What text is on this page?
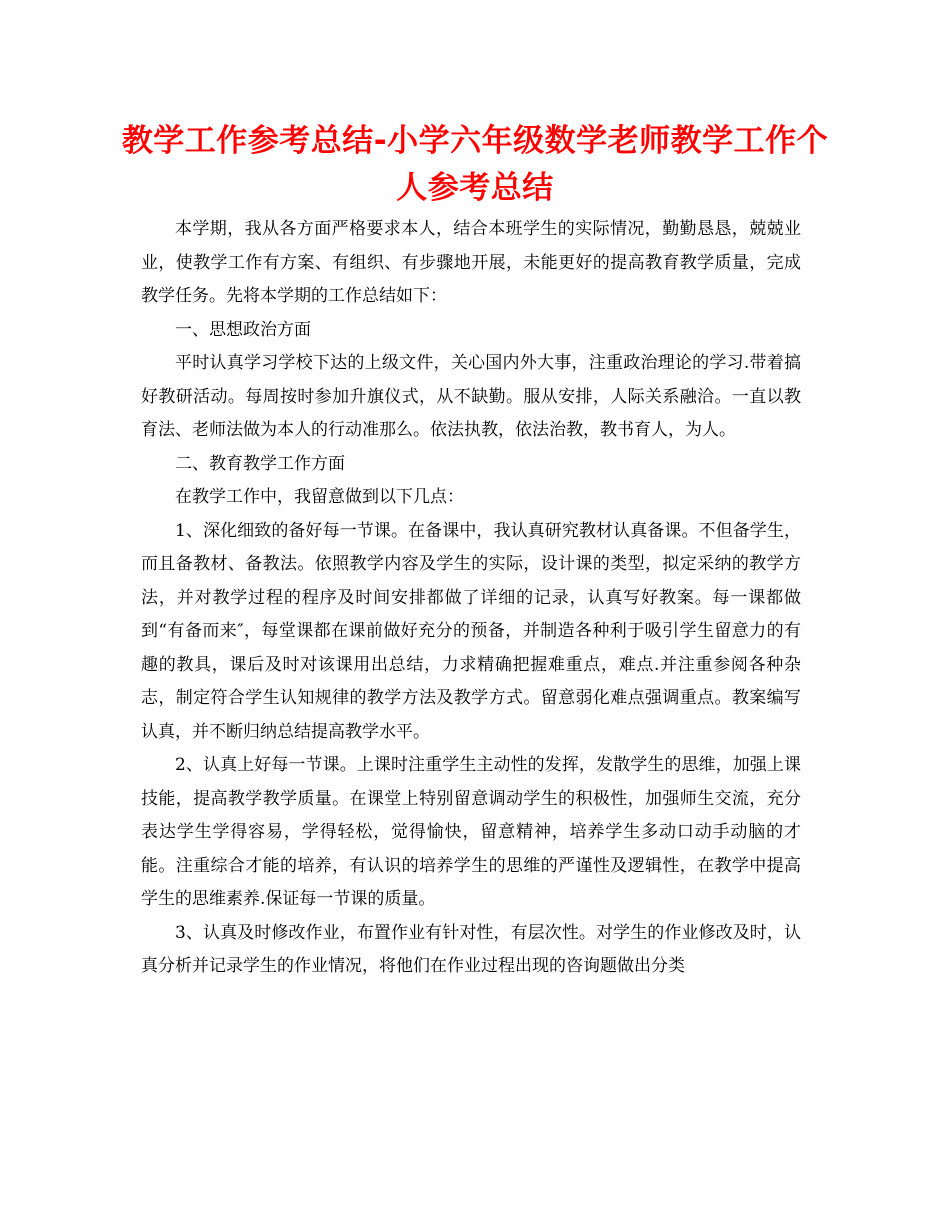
教学工作参考总结-小学六年级数学老师教学工作个人参考总结

本学期，我从各方面严格要求本人，结合本班学生的实际情况，勤勤恳恳，兢兢业业，使教学工作有方案、有组织、有步骤地开展，未能更好的提高教育教学质量，完成教学任务。先将本学期的工作总结如下：

一、思想政治方面

平时认真学习学校下达的上级文件，关心国内外大事，注重政治理论的学习.带着搞好教研活动。每周按时参加升旗仪式，从不缺勤。服从安排，人际关系融洽。一直以教育法、老师法做为本人的行动准那么。依法执教，依法治教，教书育人，为人。

二、教育教学工作方面

在教学工作中，我留意做到以下几点：

1、深化细致的备好每一节课。在备课中，我认真研究教材认真备课。不但备学生，而且备教材、备教法。依照教学内容及学生的实际，设计课的类型，拟定采纳的教学方法，并对教学过程的程序及时间安排都做了详细的记录，认真写好教案。每一课都做到“有备而来″，每堂课都在课前做好充分的预备，并制造各种利于吸引学生留意力的有趣的教具，课后及时对该课用出总结，力求精确把握难重点，难点.并注重参阅各种杂志，制定符合学生认知规律的教学方法及教学方式。留意弱化难点强调重点。教案编写认真，并不断归纳总结提高教学水平。

2、认真上好每一节课。上课时注重学生主动性的发挥，发散学生的思维，加强上课技能，提高教学教学质量。在课堂上特别留意调动学生的积极性，加强师生交流，充分表达学生学得容易，学得轻松，觉得愉快，留意精神，培养学生多动口动手动脑的才能。注重综合才能的培养，有认识的培养学生的思维的严谨性及逻辑性，在教学中提高学生的思维素养.保证每一节课的质量。

3、认真及时修改作业，布置作业有针对性，有层次性。对学生的作业修改及时，认真分析并记录学生的作业情况，将他们在作业过程出现的咨询题做出分类
